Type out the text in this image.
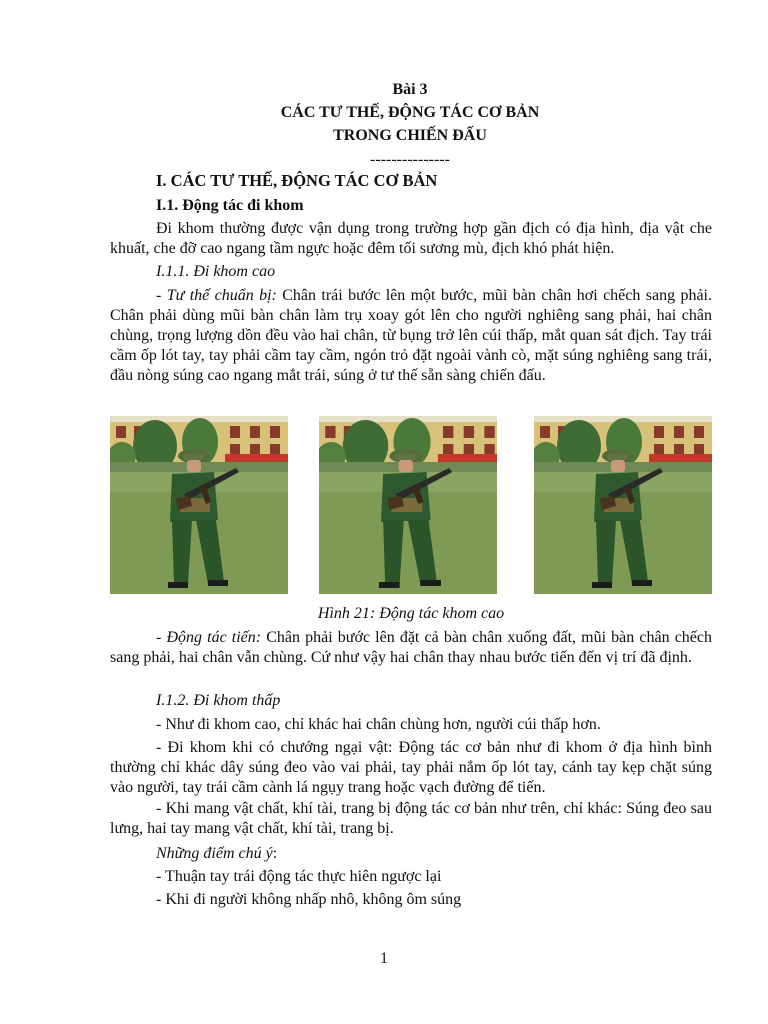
Bài 3
CÁC TƯ THẾ, ĐỘNG TÁC CƠ BẢN
TRONG CHIẾN ĐẤU
---------------
I. CÁC TƯ THẾ, ĐỘNG TÁC CƠ BẢN
I.1. Động tác đi khom
Đi khom thường được vận dụng trong trường hợp gần địch có địa hình, địa vật che khuất, che đỡ cao ngang tầm ngực hoặc đêm tối sương mù, địch khó phát hiện.
I.1.1. Đi khom cao
- Tư thế chuẩn bị: Chân trái bước lên một bước, mũi bàn chân hơi chếch sang phải. Chân phải dùng mũi bàn chân làm trụ xoay gót lên cho người nghiêng sang phải, hai chân chùng, trọng lượng dồn đều vào hai chân, từ bụng trở lên cúi thấp, mắt quan sát địch. Tay trái cầm ốp lót tay, tay phải cầm tay cầm, ngón trỏ đặt ngoài vành cò, mặt súng nghiêng sang trái, đầu nòng súng cao ngang mắt trái, súng ở tư thế sẵn sàng chiến đấu.
Hình 21: Động tác khom cao
- Động tác tiến: Chân phải bước lên đặt cả bàn chân xuống đất, mũi bàn chân chếch sang phải, hai chân vẫn chùng. Cứ như vậy hai chân thay nhau bước tiến đến vị trí đã định.
I.1.2. Đi khom thấp
- Như đi khom cao, chỉ khác hai chân chùng hơn, người cúi thấp hơn.
- Đi khom khi có chướng ngại vật: Động tác cơ bản như đi khom ở địa hình bình thường chỉ khác dây súng đeo vào vai phải, tay phải nắm ốp lót tay, cánh tay kẹp chặt súng vào người, tay trái cầm cành lá ngụy trang hoặc vạch đường để tiến.
- Khi mang vật chất, khí tài, trang bị động tác cơ bản như trên, chỉ khác: Súng đeo sau lưng, hai tay mang vật chất, khí tài, trang bị.
Những điểm chú ý:
- Thuận tay trái động tác thực hiên ngược lại
- Khi đi người không nhấp nhô, không ôm súng
1
